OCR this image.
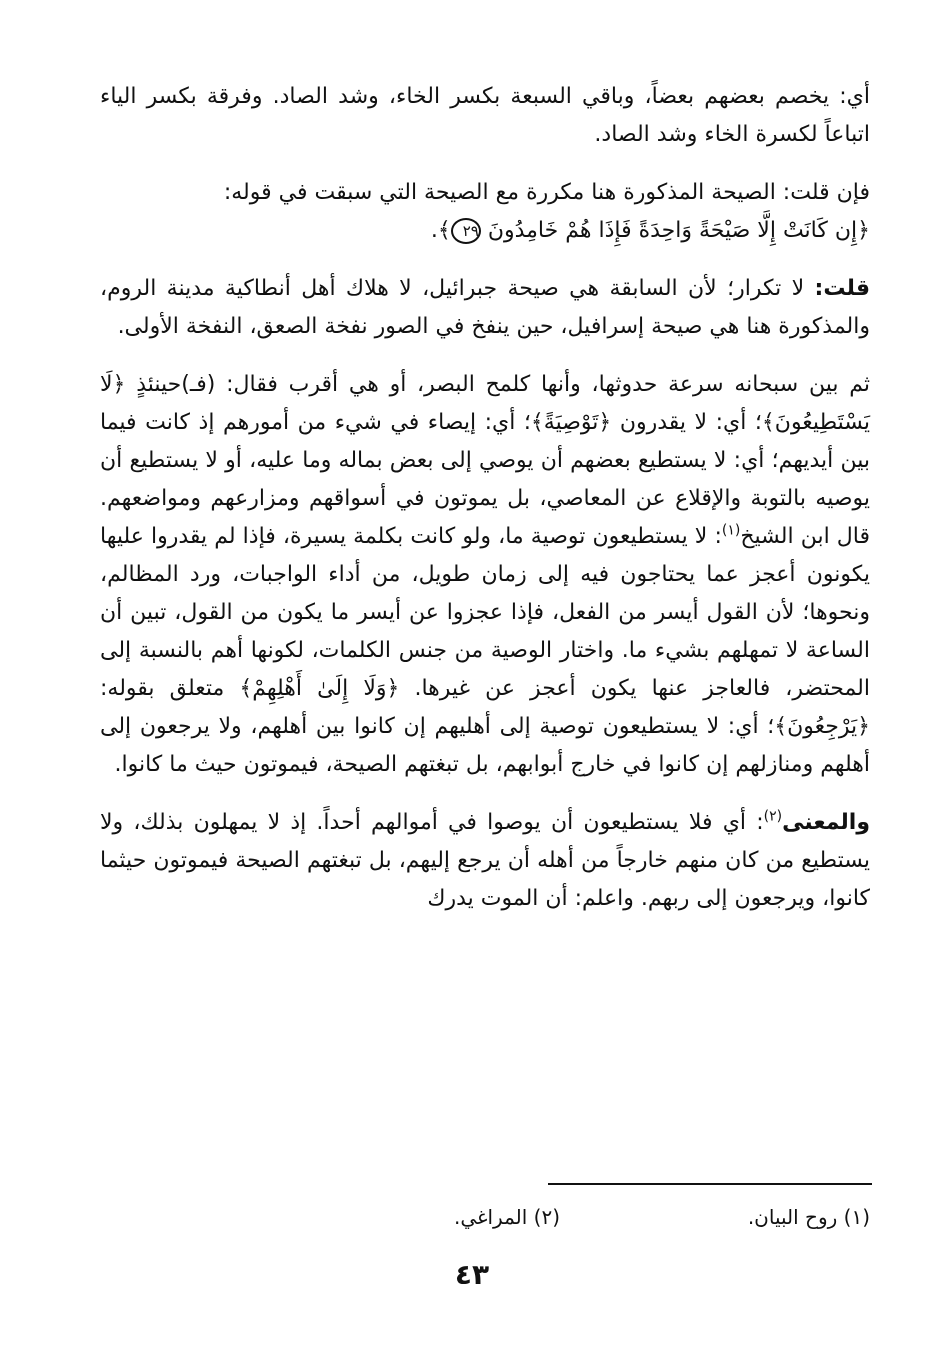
أي: يخصم بعضهم بعضاً، وباقي السبعة بكسر الخاء، وشد الصاد. وفرقة بكسر الياء اتباعاً لكسرة الخاء وشد الصاد.

فإن قلت: الصيحة المذكورة هنا مكررة مع الصيحة التي سبقت في قوله:
﴿إِن كَانَتْ إِلَّا صَيْحَةً وَاحِدَةً فَإِذَا هُمْ خَامِدُونَ ٢٩﴾.

قلت: لا تكرار؛ لأن السابقة هي صيحة جبرائيل، لا هلاك أهل أنطاكية مدينة الروم، والمذكورة هنا هي صيحة إسرافيل، حين ينفخ في الصور نفخة الصعق، النفخة الأولى.

ثم بين سبحانه سرعة حدوثها، وأنها كلمح البصر، أو هي أقرب فقال: (فـ)حينئذٍ ﴿لَا يَسْتَطِيعُونَ﴾؛ أي: لا يقدرون ﴿تَوْصِيَةً﴾؛ أي: إيصاء في شيء من أمورهم إذ كانت فيما بين أيديهم؛ أي: لا يستطيع بعضهم أن يوصي إلى بعض بماله وما عليه، أو لا يستطيع أن يوصيه بالتوبة والإقلاع عن المعاصي، بل يموتون في أسواقهم ومزارعهم ومواضعهم. قال ابن الشيخ$^{(١)}$: لا يستطيعون توصية ما، ولو كانت بكلمة يسيرة، فإذا لم يقدروا عليها يكونون أعجز عما يحتاجون فيه إلى زمان طويل، من أداء الواجبات، ورد المظالم، ونحوها؛ لأن القول أيسر من الفعل، فإذا عجزوا عن أيسر ما يكون من القول، تبين أن الساعة لا تمهلهم بشيء ما. واختار الوصية من جنس الكلمات، لكونها أهم بالنسبة إلى المحتضر، فالعاجز عنها يكون أعجز عن غيرها. ﴿وَلَا إِلَىٰ أَهْلِهِمْ﴾ متعلق بقوله: ﴿يَرْجِعُونَ﴾؛ أي: لا يستطيعون توصية إلى أهليهم إن كانوا بين أهلهم، ولا يرجعون إلى أهلهم ومنازلهم إن كانوا في خارج أبوابهم، بل تبغتهم الصيحة، فيموتون حيث ما كانوا.

والمعنى$^{(٢)}$: أي فلا يستطيعون أن يوصوا في أموالهم أحداً. إذ لا يمهلون بذلك، ولا يستطيع من كان منهم خارجاً من أهله أن يرجع إليهم، بل تبغتهم الصيحة فيموتون حيثما كانوا، ويرجعون إلى ربهم. واعلم: أن الموت يدرك

(١) روح البيان.
(٢) المراغي.
٤٣
